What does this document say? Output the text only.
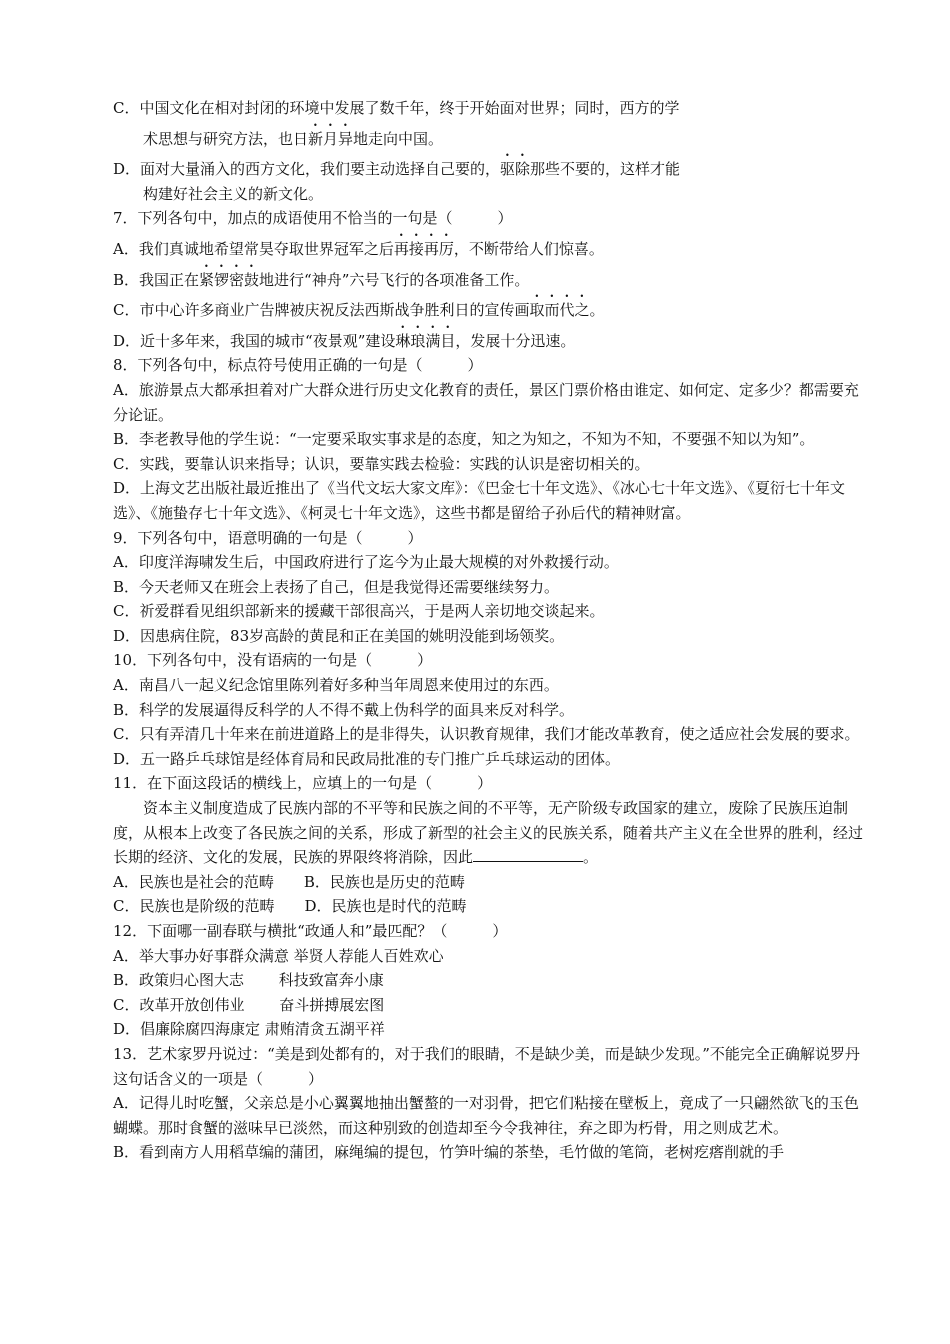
C．中国文化在相对封闭的环境中发展了数千年，终于开始面对世界；同时，西方的学
术思想与研究方法，也日新月异地走向中国。
D．面对大量涌入的西方文化，我们要主动选择自己要的，驱除那些不要的，这样才能
构建好社会主义的新文化。
7．下列各句中，加点的成语使用不恰当的一句是（　　　）
A．我们真诚地希望常昊夺取世界冠军之后再接再厉，不断带给人们惊喜。
B．我国正在紧锣密鼓地进行“神舟”六号飞行的各项准备工作。
C．市中心许多商业广告牌被庆祝反法西斯战争胜利日的宣传画取而代之。
D．近十多年来，我国的城市“夜景观”建设琳琅满目，发展十分迅速。
8．下列各句中，标点符号使用正确的一句是（　　　）
A．旅游景点大都承担着对广大群众进行历史文化教育的责任，景区门票价格由谁定、如何定、定多少？都需要充分论证。
B．李老教导他的学生说：“一定要采取实事求是的态度，知之为知之，不知为不知，不要强不知以为知”。
C．实践，要靠认识来指导；认识，要靠实践去检验：实践的认识是密切相关的。
D．上海文艺出版社最近推出了《当代文坛大家文库》：《巴金七十年文选》、《冰心七十年文选》、《夏衍七十年文选》、《施蛰存七十年文选》、《柯灵七十年文选》，这些书都是留给子孙后代的精神财富。
9．下列各句中，语意明确的一句是（　　　）
A．印度洋海啸发生后，中国政府进行了迄今为止最大规模的对外救援行动。
B．今天老师又在班会上表扬了自己，但是我觉得还需要继续努力。
C．祈爱群看见组织部新来的援藏干部很高兴，于是两人亲切地交谈起来。
D．因患病住院，83岁高龄的黄昆和正在美国的姚明没能到场领奖。
10．下列各句中，没有语病的一句是（　　　）
A．南昌八一起义纪念馆里陈列着好多种当年周恩来使用过的东西。
B．科学的发展逼得反科学的人不得不戴上伪科学的面具来反对科学。
C．只有弄清几十年来在前进道路上的是非得失，认识教育规律，我们才能改革教育，使之适应社会发展的要求。
D．五一路乒乓球馆是经体育局和民政局批准的专门推广乒乓球运动的团体。
11．在下面这段话的横线上，应填上的一句是（　　　）
资本主义制度造成了民族内部的不平等和民族之间的不平等，无产阶级专政国家的建立，废除了民族压迫制度，从根本上改变了各民族之间的关系，形成了新型的社会主义的民族关系，随着共产主义在全世界的胜利，经过长期的经济、文化的发展，民族的界限终将消除，因此	。
A．民族也是社会的范畴　　B．民族也是历史的范畴
C．民族也是阶级的范畴　　D．民族也是时代的范畴
12．下面哪一副春联与横批“政通人和”最匹配？（　　　）
A．举大事办好事群众满意 举贤人荐能人百姓欢心
B．政策归心图大志　　 科技致富奔小康
C．改革开放创伟业　　 奋斗拼搏展宏图
D．倡廉除腐四海康定 肃贿清贪五湖平祥
13．艺术家罗丹说过：“美是到处都有的，对于我们的眼睛，不是缺少美，而是缺少发现。”不能完全正确解说罗丹这句话含义的一项是（　　　）
A．记得儿时吃蟹，父亲总是小心翼翼地抽出蟹螯的一对羽骨，把它们粘接在壁板上，竟成了一只翩然欲飞的玉色蝴蝶。那时食蟹的滋味早已淡然，而这种别致的创造却至今令我神往，弃之即为朽骨，用之则成艺术。
B．看到南方人用稻草编的蒲团，麻绳编的提包，竹笋叶编的茶垫，毛竹做的笔筒，老树疙瘩削就的手
